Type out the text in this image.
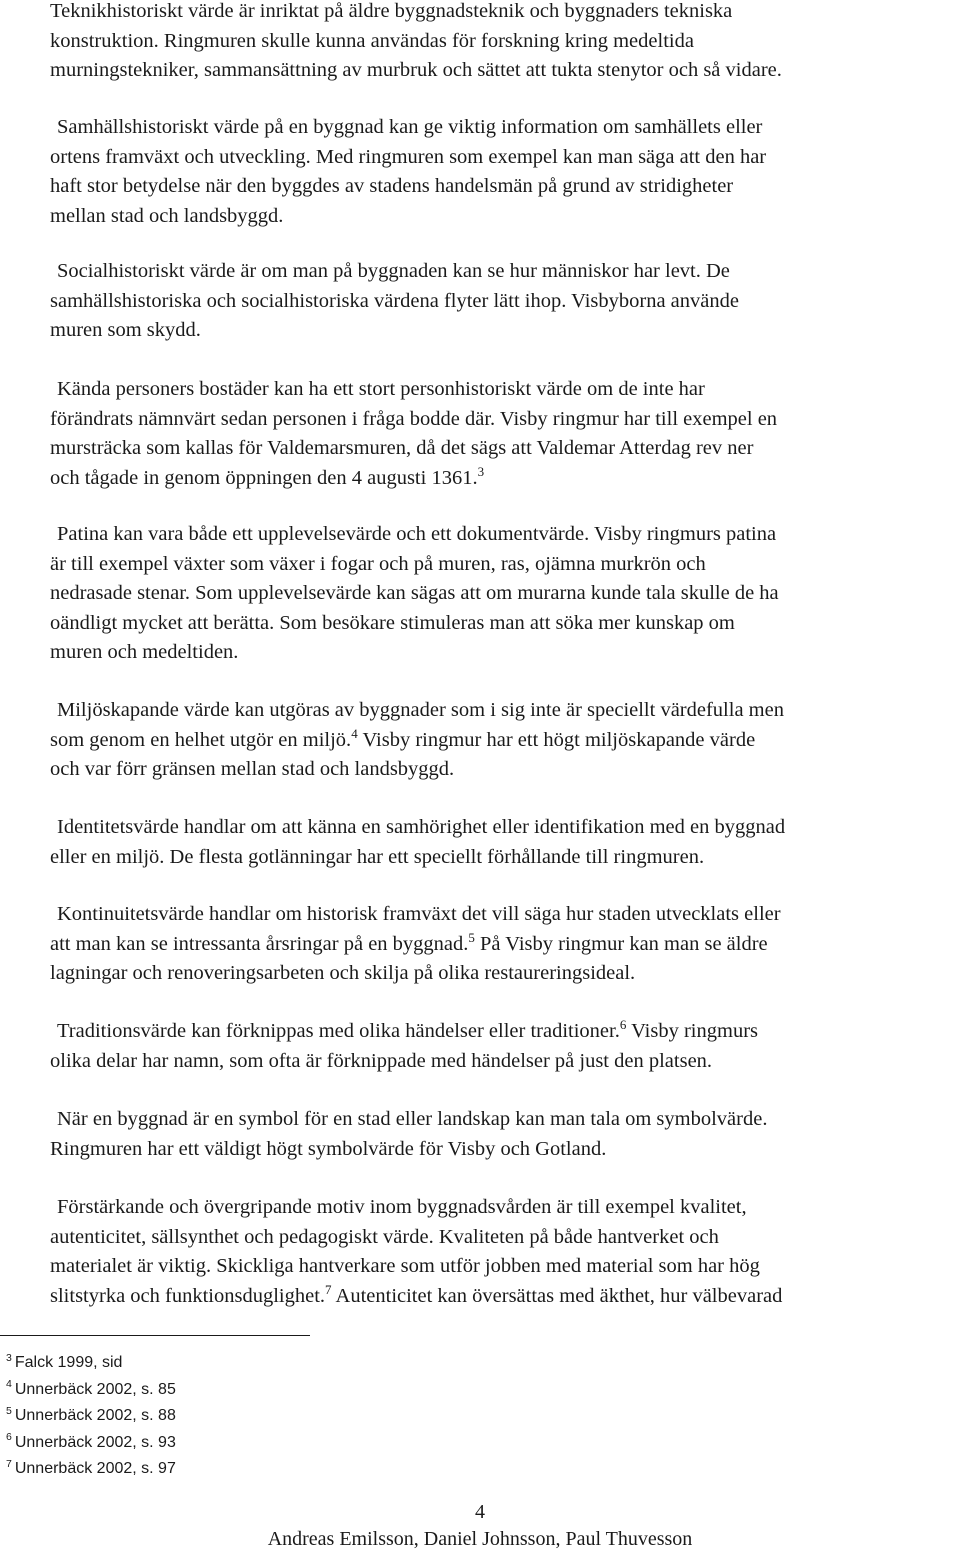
Teknikhistoriskt värde är inriktat på äldre byggnadsteknik och byggnaders tekniska
konstruktion. Ringmuren skulle kunna användas för forskning kring medeltida
murningstekniker, sammansättning av murbruk och sättet att tukta stenytor och så vidare.

Samhällshistoriskt värde på en byggnad kan ge viktig information om samhällets eller
ortens framväxt och utveckling. Med ringmuren som exempel kan man säga att den har
haft stor betydelse när den byggdes av stadens handelsmän på grund av stridigheter
mellan stad och landsbyggd.

Socialhistoriskt värde är om man på byggnaden kan se hur människor har levt. De
samhällshistoriska och socialhistoriska värdena flyter lätt ihop. Visbyborna använde
muren som skydd.

Kända personers bostäder kan ha ett stort personhistoriskt värde om de inte har
förändrats nämnvärt sedan personen i fråga bodde där. Visby ringmur har till exempel en
mursträcka som kallas för Valdemarsmuren, då det sägs att Valdemar Atterdag rev ner
och tågade in genom öppningen den 4 augusti 1361.$^3$

Patina kan vara både ett upplevelsevärde och ett dokumentvärde. Visby ringmurs patina
är till exempel växter som växer i fogar och på muren, ras, ojämna murkrön och
nedrasade stenar. Som upplevelsevärde kan sägas att om murarna kunde tala skulle de ha
oändligt mycket att berätta. Som besökare stimuleras man att söka mer kunskap om
muren och medeltiden.

Miljöskapande värde kan utgöras av byggnader som i sig inte är speciellt värdefulla men
som genom en helhet utgör en miljö.$^4$ Visby ringmur har ett högt miljöskapande värde
och var förr gränsen mellan stad och landsbyggd.

Identitetsvärde handlar om att känna en samhörighet eller identifikation med en byggnad
eller en miljö. De flesta gotlänningar har ett speciellt förhållande till ringmuren.

Kontinuitetsvärde handlar om historisk framväxt det vill säga hur staden utvecklats eller
att man kan se intressanta årsringar på en byggnad.$^5$ På Visby ringmur kan man se äldre
lagningar och renoveringsarbeten och skilja på olika restaureringsideal.

Traditionsvärde kan förknippas med olika händelser eller traditioner.$^6$ Visby ringmurs
olika delar har namn, som ofta är förknippade med händelser på just den platsen.

När en byggnad är en symbol för en stad eller landskap kan man tala om symbolvärde.
Ringmuren har ett väldigt högt symbolvärde för Visby och Gotland.

Förstärkande och övergripande motiv inom byggnadsvården är till exempel kvalitet,
autenticitet, sällsynthet och pedagogiskt värde. Kvaliteten på både hantverket och
materialet är viktig. Skickliga hantverkare som utför jobben med material som har hög
slitstyrka och funktionsduglighet.$^7$ Autenticitet kan översättas med äkthet, hur välbevarad

$^3$ Falck 1999, sid
$^4$ Unnerbäck 2002, s. 85
$^5$ Unnerbäck 2002, s. 88
$^6$ Unnerbäck 2002, s. 93
$^7$ Unnerbäck 2002, s. 97
4
Andreas Emilsson, Daniel Johnsson, Paul Thuvesson
